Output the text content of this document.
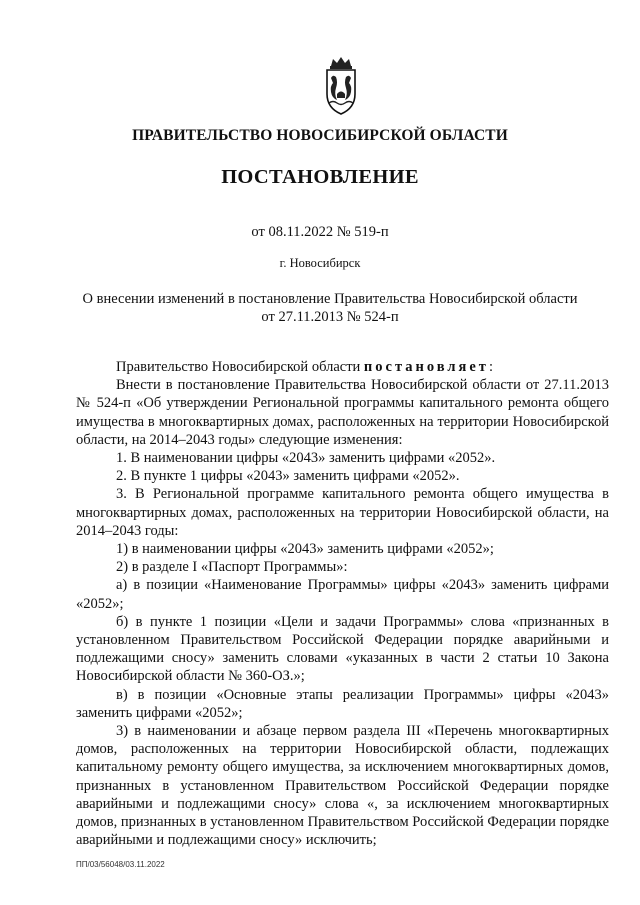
ПРАВИТЕЛЬСТВО НОВОСИБИРСКОЙ ОБЛАСТИ
ПОСТАНОВЛЕНИЕ
от 08.11.2022 № 519-п
г. Новосибирск
О внесении изменений в постановление Правительства Новосибирской области
от 27.11.2013 № 524-п

Правительство Новосибирской области постановляет:

Внести в постановление Правительства Новосибирской области от 27.11.2013 № 524-п «Об утверждении Региональной программы капитального ремонта общего имущества в многоквартирных домах, расположенных на территории Новосибирской области, на 2014–2043 годы» следующие изменения:

1. В наименовании цифры «2043» заменить цифрами «2052».

2. В пункте 1 цифры «2043» заменить цифрами «2052».

3. В Региональной программе капитального ремонта общего имущества в многоквартирных домах, расположенных на территории Новосибирской области, на 2014–2043 годы:

1) в наименовании цифры «2043» заменить цифрами «2052»;

2) в разделе I «Паспорт Программы»:

а) в позиции «Наименование Программы» цифры «2043» заменить цифрами «2052»;

б) в пункте 1 позиции «Цели и задачи Программы» слова «признанных в установленном Правительством Российской Федерации порядке аварийными и подлежащими сносу» заменить словами «указанных в части 2 статьи 10 Закона Новосибирской области № 360-ОЗ.»;

в) в позиции «Основные этапы реализации Программы» цифры «2043» заменить цифрами «2052»;

3) в наименовании и абзаце первом раздела III «Перечень многоквартирных домов, расположенных на территории Новосибирской области, подлежащих капитальному ремонту общего имущества, за исключением многоквартирных домов, признанных в установленном Правительством Российской Федерации порядке аварийными и подлежащими сносу» слова «, за исключением многоквартирных домов, признанных в установленном Правительством Российской Федерации порядке аварийными и подлежащими сносу» исключить;

ПП/03/56048/03.11.2022
